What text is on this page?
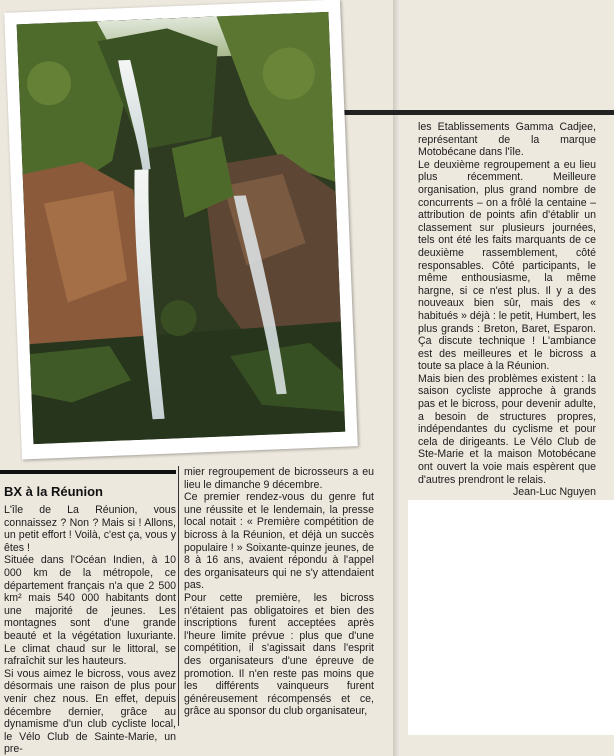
BX à la Réunion

L'île de La Réunion, vous connaissez ? Non ? Mais si ! Allons, un petit effort ! Voilà, c'est ça, vous y êtes !

Située dans l'Océan Indien, à 10 000 km de la métropole, ce département français n'a que 2 500 km² mais 540 000 habitants dont une majorité de jeunes. Les montagnes sont d'une grande beauté et la végétation luxuriante. Le climat chaud sur le littoral, se rafraîchit sur les hauteurs.

Si vous aimez le bicross, vous avez désormais une raison de plus pour venir chez nous. En effet, depuis décembre dernier, grâce au dynamisme d'un club cycliste local, le Vélo Club de Sainte-Marie, un pre-

mier regroupement de bicrosseurs a eu lieu le dimanche 9 décembre.

Ce premier rendez-vous du genre fut une réussite et le lendemain, la presse local notait : « Première compétition de bicross à la Réunion, et déjà un succès populaire ! » Soixante-quinze jeunes, de 8 à 16 ans, avaient répondu à l'appel des organisateurs qui ne s'y attendaient pas.

Pour cette première, les bicross n'étaient pas obligatoires et bien des inscriptions furent acceptées après l'heure limite prévue : plus que d'une compétition, il s'agissait dans l'esprit des organisateurs d'une épreuve de promotion. Il n'en reste pas moins que les différents vainqueurs furent généreusement récompensés et ce, grâce au sponsor du club organisateur,

les Etablissements Gamma Cadjee, représentant de la marque Motobécane dans l'île.

Le deuxième regroupement a eu lieu plus récemment. Meilleure organisation, plus grand nombre de concurrents – on a frôlé la centaine – attribution de points afin d'établir un classement sur plusieurs journées, tels ont été les faits marquants de ce deuxième rassemblement, côté responsables. Côté participants, le même enthousiasme, la même hargne, si ce n'est plus. Il y a des nouveaux bien sûr, mais des « habitués » déjà : le petit, Humbert, les plus grands : Breton, Baret, Esparon. Ça discute technique ! L'ambiance est des meilleures et le bicross a toute sa place à la Réunion.

Mais bien des problèmes existent : la saison cycliste approche à grands pas et le bicross, pour devenir adulte, a besoin de structures propres, indépendantes du cyclisme et pour cela de dirigeants. Le Vélo Club de Ste-Marie et la maison Motobécane ont ouvert la voie mais espèrent que d'autres prendront le relais.

Jean-Luc Nguyen
